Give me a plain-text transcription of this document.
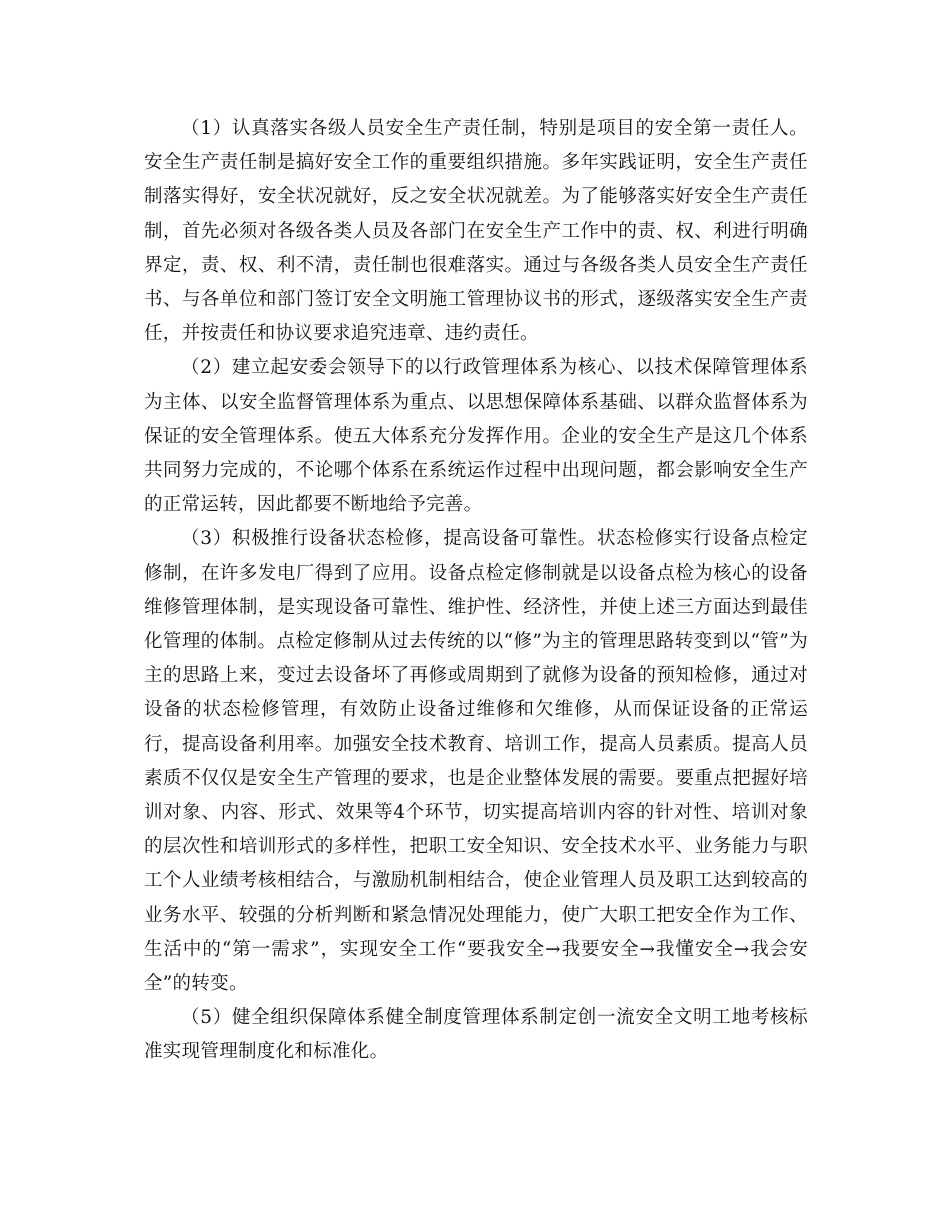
（1）认真落实各级人员安全生产责任制，特别是项目的安全第一责任人。安全生产责任制是搞好安全工作的重要组织措施。多年实践证明，安全生产责任制落实得好，安全状况就好，反之安全状况就差。为了能够落实好安全生产责任制，首先必须对各级各类人员及各部门在安全生产工作中的责、权、利进行明确界定，责、权、利不清，责任制也很难落实。通过与各级各类人员安全生产责任书、与各单位和部门签订安全文明施工管理协议书的形式，逐级落实安全生产责任，并按责任和协议要求追究违章、违约责任。

（2）建立起安委会领导下的以行政管理体系为核心、以技术保障管理体系为主体、以安全监督管理体系为重点、以思想保障体系基础、以群众监督体系为保证的安全管理体系。使五大体系充分发挥作用。企业的安全生产是这几个体系共同努力完成的，不论哪个体系在系统运作过程中出现问题，都会影响安全生产的正常运转，因此都要不断地给予完善。

（3）积极推行设备状态检修，提高设备可靠性。状态检修实行设备点检定修制，在许多发电厂得到了应用。设备点检定修制就是以设备点检为核心的设备维修管理体制，是实现设备可靠性、维护性、经济性，并使上述三方面达到最佳化管理的体制。点检定修制从过去传统的以“修”为主的管理思路转变到以“管”为主的思路上来，变过去设备坏了再修或周期到了就修为设备的预知检修，通过对设备的状态检修管理，有效防止设备过维修和欠维修，从而保证设备的正常运行，提高设备利用率。加强安全技术教育、培训工作，提高人员素质。提高人员素质不仅仅是安全生产管理的要求，也是企业整体发展的需要。要重点把握好培训对象、内容、形式、效果等4个环节，切实提高培训内容的针对性、培训对象的层次性和培训形式的多样性，把职工安全知识、安全技术水平、业务能力与职工个人业绩考核相结合，与激励机制相结合，使企业管理人员及职工达到较高的业务水平、较强的分析判断和紧急情况处理能力，使广大职工把安全作为工作、生活中的“第一需求”，实现安全工作“要我安全→我要安全→我懂安全→我会安全”的转变。

（5）健全组织保障体系健全制度管理体系制定创一流安全文明工地考核标准实现管理制度化和标准化。
